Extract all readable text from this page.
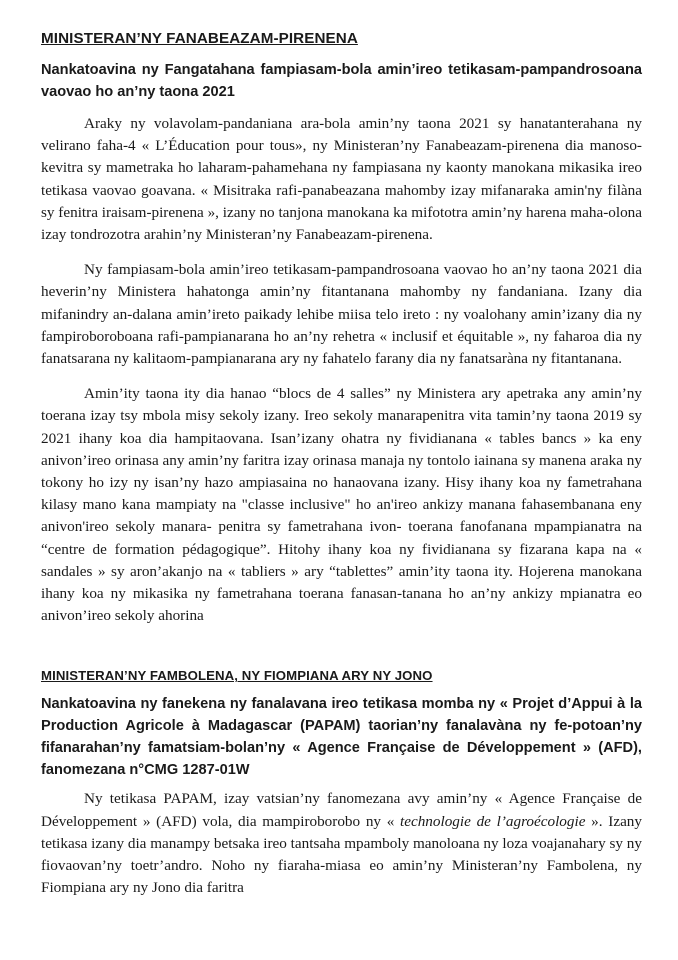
MINISTERAN’NY FANABEAZAM-PIRENENA
Nankatoavina ny Fangatahana fampiasam-bola amin’ireo tetikasam-pampandrosoana vaovao ho an’ny taona 2021

Araky ny volavolam-pandaniana ara-bola amin’ny taona 2021 sy hanatanterahana ny velirano faha-4 « L’Éducation pour tous», ny Ministeran’ny Fanabeazam-pirenena dia manoso-kevitra sy mametraka ho laharam-pahamehana ny fampiasana ny kaonty manokana mikasika ireo tetikasa vaovao goavana. « Misitraka rafi-panabeazana mahomby izay mifanaraka amin'ny filàna sy fenitra iraisam-pirenena », izany no tanjona manokana ka mifototra amin’ny harena maha-olona izay tondrozotra arahin’ny Ministeran’ny Fanabeazam-pirenena.

Ny fampiasam-bola amin’ireo tetikasam-pampandrosoana vaovao ho an’ny taona 2021 dia heverin’ny Ministera hahatonga amin’ny fitantanana mahomby ny fandaniana. Izany dia mifanindry an-dalana amin’ireto paikady lehibe miisa telo ireto : ny voalohany amin’izany dia ny fampiroboroboana rafi-pampianarana ho an’ny rehetra « inclusif et équitable », ny faharoa dia ny fanatsarana ny kalitaom-pampianarana ary ny fahatelo farany dia ny fanatsaràna ny fitantanana.

Amin’ity taona ity dia hanao “blocs de 4 salles” ny Ministera ary apetraka any amin’ny toerana izay tsy mbola misy sekoly izany. Ireo sekoly manarapenitra vita tamin’ny taona 2019 sy 2021 ihany koa dia hampitaovana. Isan’izany ohatra ny fividianana « tables bancs » ka eny anivon’ireo orinasa any amin’ny faritra izay orinasa manaja ny tontolo iainana sy manena araka ny tokony ho izy ny isan’ny hazo ampiasaina no hanaovana izany. Hisy ihany koa ny fametrahana kilasy mano kana mampiaty na "classe inclusive" ho an'ireo ankizy manana fahasembanana eny anivon'ireo sekoly manara- penitra sy fametrahana ivon- toerana fanofanana mpampianatra na “centre de formation pédagogique”. Hitohy ihany koa ny fividianana sy fizarana kapa na « sandales » sy aron’akanjo na « tabliers » ary “tablettes” amin’ity taona ity. Hojerena manokana ihany koa ny mikasika ny fametrahana toerana fanasan-tanana ho an’ny ankizy mpianatra eo anivon’ireo sekoly ahorina

MINISTERAN’NY FAMBOLENA, NY FIOMPIANA ARY NY JONO
Nankatoavina ny fanekena ny fanalavana ireo tetikasa momba ny « Projet d’Appui à la Production Agricole à Madagascar (PAPAM) taorian’ny fanalavàna ny fe-potoan’ny fifanarahan’ny famatsiam-bolan’ny « Agence Française de Développement » (AFD), fanomezana n°CMG 1287-01W

Ny tetikasa PAPAM, izay vatsian’ny fanomezana avy amin’ny « Agence Française de Développement » (AFD) vola, dia mampiroborobo ny « technologie de l’agroécologie ». Izany tetikasa izany dia manampy betsaka ireo tantsaha mpamboly manoloana ny loza voajanahary sy ny fiovaovan’ny toetr’andro. Noho ny fiaraha-miasa eo amin’ny Ministeran’ny Fambolena, ny Fiompiana ary ny Jono dia faritra
